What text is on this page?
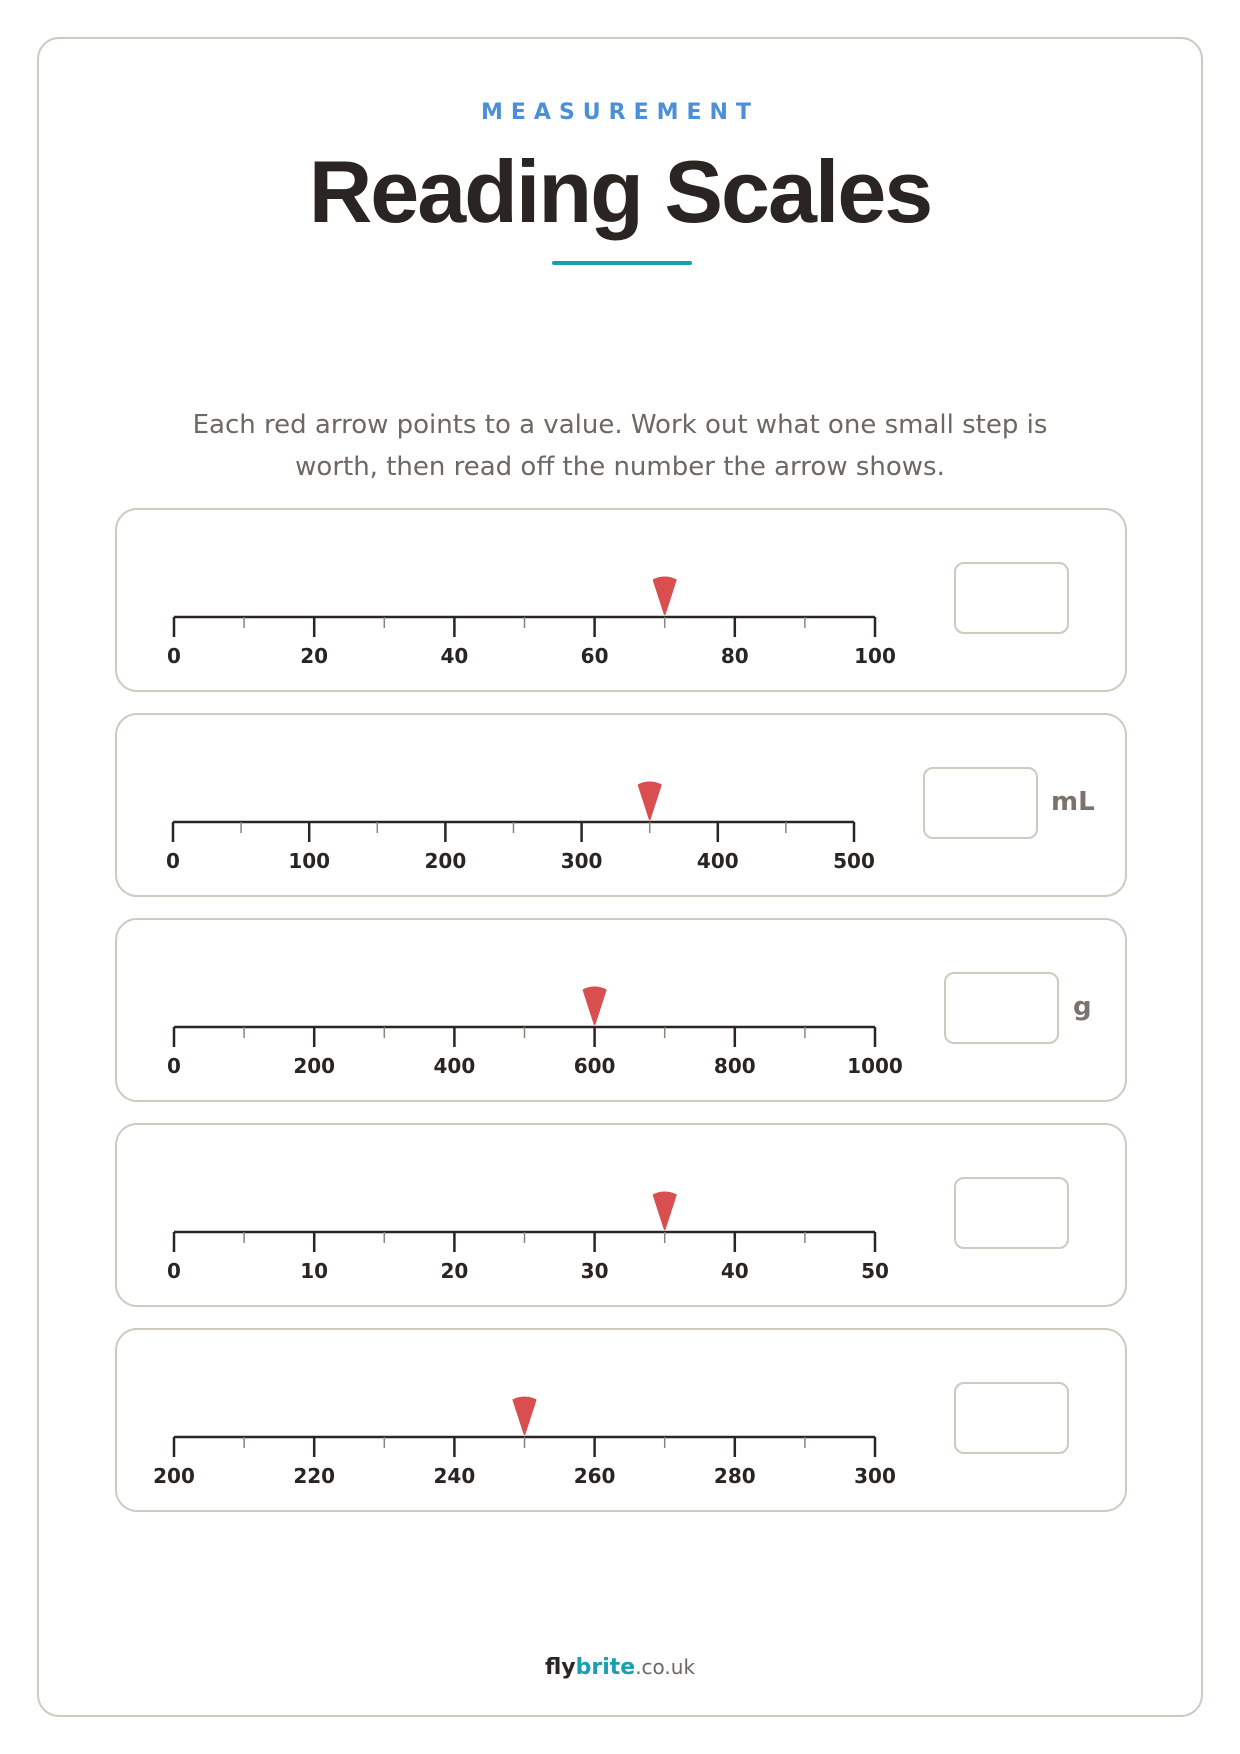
MEASUREMENT
Reading Scales
Each red arrow points to a value. Work out what one small step is
worth, then read off the number the arrow shows.
0	20	40	60	80	100
0	100	200	300	400	500
mL
0	200	400	600	800	1000
g
0	10	20	30	40	50
200	220	240	260	280	300
flybrite.co.uk
